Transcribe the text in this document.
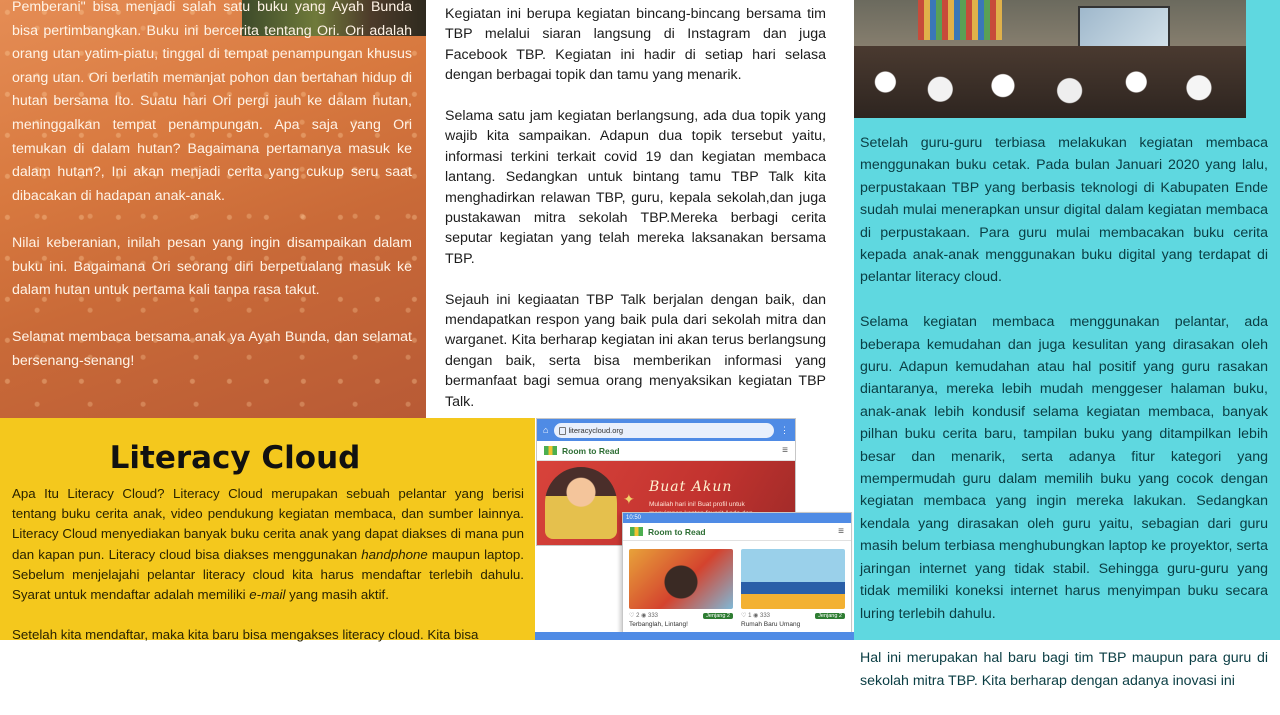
Pemberani" bisa menjadi salah satu buku yang Ayah Bunda bisa pertimbangkan. Buku ini bercerita tentang Ori. Ori adalah orang utan yatim-piatu, tinggal di tempat penampungan khusus orang utan. Ori berlatih memanjat pohon dan bertahan hidup di hutan bersama Ito. Suatu hari Ori pergi jauh ke dalam hutan, meninggalkan tempat penampungan. Apa saja yang Ori temukan di dalam hutan? Bagaimana pertamanya masuk ke dalam hutan?, Ini akan menjadi cerita yang cukup seru saat dibacakan di hadapan anak-anak.

Nilai keberanian, inilah pesan yang ingin disampaikan dalam buku ini. Bagaimana Ori seorang diri berpetualang masuk ke dalam hutan untuk pertama kali tanpa rasa takut.

Selamat membaca bersama anak ya Ayah Bunda, dan selamat bersenang-senang!

Kegiatan ini berupa kegiatan bincang-bincang bersama tim TBP melalui siaran langsung di Instagram dan juga Facebook TBP. Kegiatan ini hadir di setiap hari selasa dengan berbagai topik dan tamu yang menarik.

Selama satu jam kegiatan berlangsung, ada dua topik yang wajib kita sampaikan. Adapun dua topik tersebut yaitu, informasi terkini terkait covid 19 dan kegiatan membaca lantang. Sedangkan untuk bintang tamu TBP Talk kita menghadirkan relawan TBP, guru, kepala sekolah,dan juga pustakawan mitra sekolah TBP.Mereka berbagi cerita seputar kegiatan yang telah mereka laksanakan bersama TBP.

Sejauh ini kegiaatan TBP Talk berjalan dengan baik, dan mendapatkan respon yang baik pula dari sekolah mitra dan warganet. Kita berharap kegiatan ini akan terus berlangsung dengan baik, serta bisa memberikan informasi yang bermanfaat bagi semua orang menyaksikan kegiatan TBP Talk.

Literacy Cloud

Apa Itu Literacy Cloud? Literacy Cloud merupakan sebuah pelantar yang berisi tentang buku cerita anak, video pendukung kegiatan membaca, dan sumber lainnya. Literacy Cloud menyediakan banyak buku cerita anak yang dapat diakses di mana pun dan kapan pun. Literacy cloud bisa diakses menggunakan handphone maupun laptop. Sebelum menjelajahi pelantar literacy cloud kita harus mendaftar terlebih dahulu. Syarat untuk mendaftar adalah memiliki e-mail yang masih aktif.

Setelah kita mendaftar, maka kita baru bisa mengakses literacy cloud. Kita bisa

⌂	literacycloud.org	⋮
Room to Read	≡
✦
Buat Akun
Mulailah hari ini! Buat profil untuk
10:50
Room to Read	≡
♡ 2 ◉ 333	Jenjang 2
Terbanglah, Lintang!
♡ 1 ◉ 333	Jenjang 2
Rumah Baru Umang

Setelah guru-guru terbiasa melakukan kegiatan membaca menggunakan buku cetak. Pada bulan Januari 2020 yang lalu, perpustakaan TBP yang berbasis teknologi di Kabupaten Ende sudah mulai menerapkan unsur digital dalam kegiatan membaca di perpustakaan. Para guru mulai membacakan buku cerita kepada anak-anak menggunakan buku digital yang terdapat di pelantar literacy cloud.

Selama kegiatan membaca menggunakan pelantar, ada beberapa kemudahan dan juga kesulitan yang dirasakan oleh guru. Adapun kemudahan atau hal positif yang guru rasakan diantaranya, mereka lebih mudah menggeser halaman buku, anak-anak lebih kondusif selama kegiatan membaca, banyak pilhan buku cerita baru, tampilan buku yang ditampilkan lebih besar dan menarik, serta adanya fitur kategori yang mempermudah guru dalam memilih buku yang cocok dengan kegiatan membaca yang ingin mereka lakukan. Sedangkan kendala yang dirasakan oleh guru yaitu, sebagian dari guru masih belum terbiasa menghubungkan laptop ke proyektor, serta jaringan internet yang tidak stabil. Sehingga guru-guru yang tidak memiliki koneksi internet harus menyimpan buku secara luring terlebih dahulu.

Hal ini merupakan hal baru bagi tim TBP maupun para guru di sekolah mitra TBP. Kita berharap dengan adanya inovasi ini
